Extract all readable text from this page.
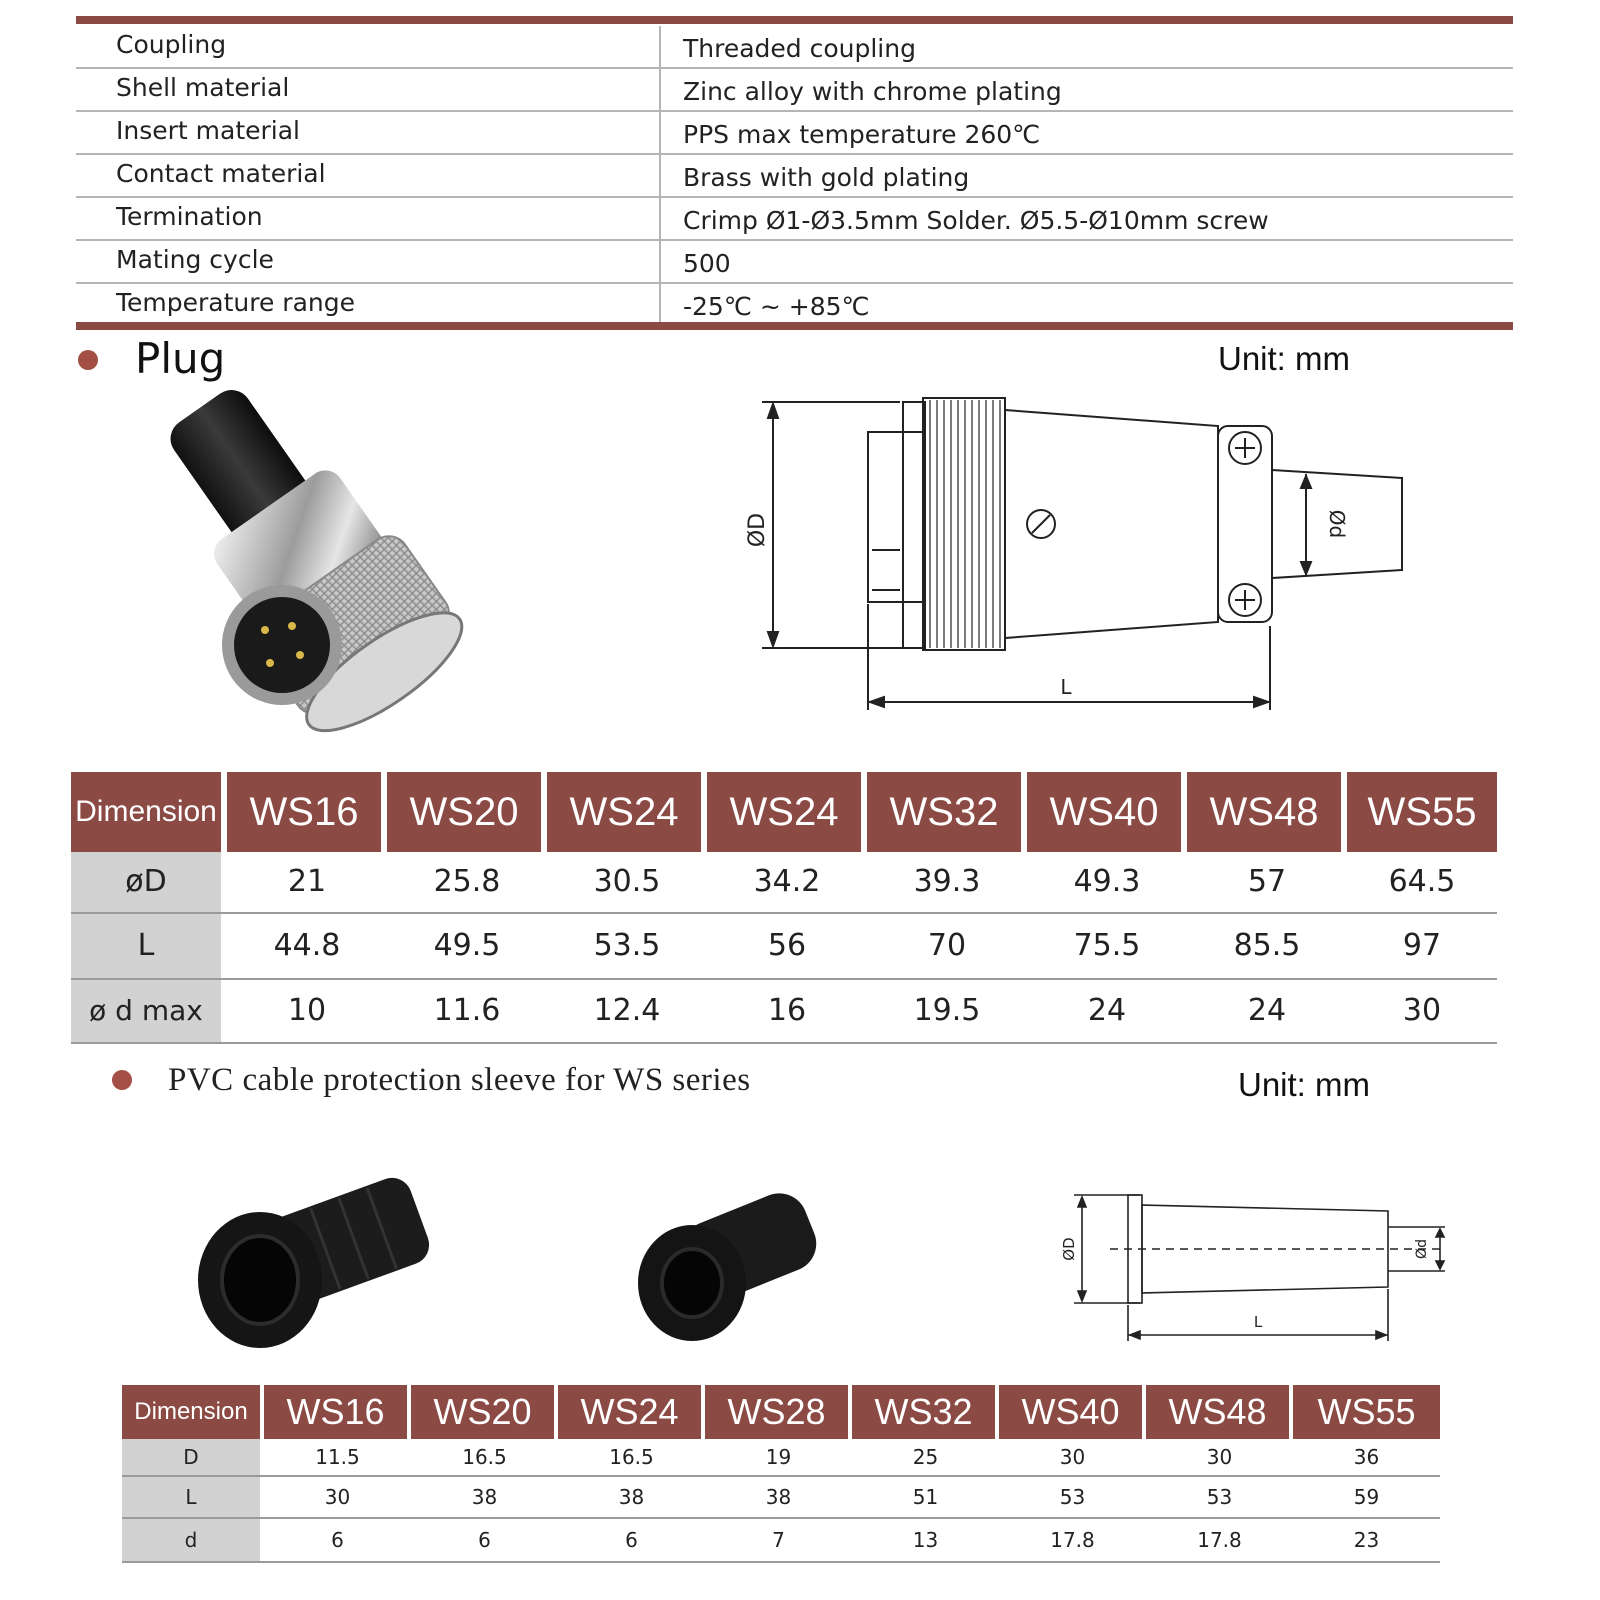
Coupling	Threaded coupling
Shell material	Zinc alloy with chrome plating
Insert material	PPS max temperature 260℃
Contact material	Brass with gold plating
Termination	Crimp Ø1-Ø3.5mm Solder. Ø5.5-Ø10mm screw
Mating cycle	500
Temperature range	-25℃ ~ +85℃
Plug	Unit: mm
ØD	Ød
L
Dimension WS16	WS20	WS24	WS24	WS32	WS40	WS48	WS55
øD	21	25.8	30.5	34.2	39.3	49.3	57	64.5
L	44.8	49.5	53.5	56	70	75.5	85.5	97
ø d max	10	11.6	12.4	16	19.5	24	24	30
PVC cable protection sleeve for WS series	Unit: mm
ØD	Ød
L
Dimension	WS16	WS20	WS24	WS28	WS32	WS40	WS48	WS55
D	11.5	16.5	16.5	19	25	30	30	36
L	30	38	38	38	51	53	53	59
d	6	6	6	7	13	17.8	17.8	23
